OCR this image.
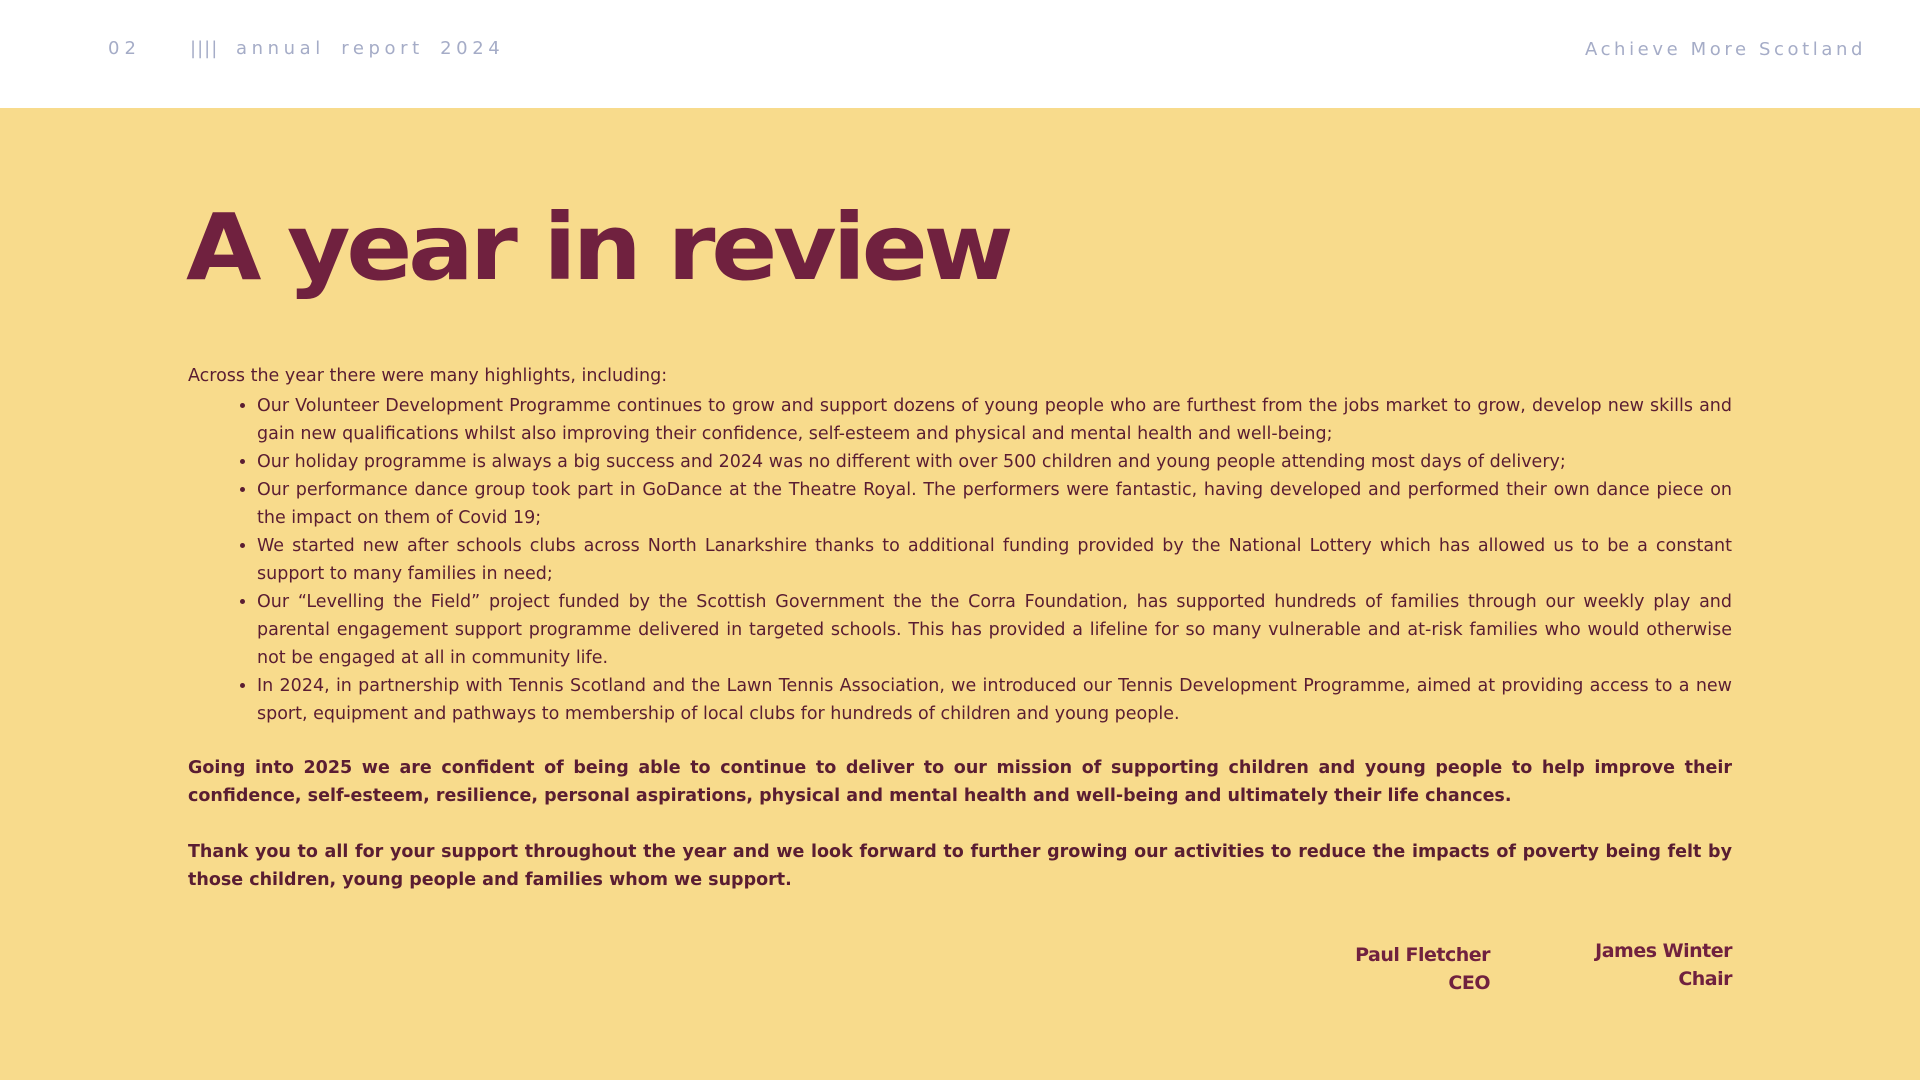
02	|||| annual report 2024	Achieve More Scotland
A year in review

Across the year there were many highlights, including:

• Our Volunteer Development Programme continues to grow and support dozens of young people who are furthest from the jobs market to grow, develop new skills and gain new qualifications whilst also improving their confidence, self-esteem and physical and mental health and well-being;
• Our holiday programme is always a big success and 2024 was no different with over 500 children and young people attending most days of delivery;
• Our performance dance group took part in GoDance at the Theatre Royal. The performers were fantastic, having developed and performed their own dance piece on the impact on them of Covid 19;
• We started new after schools clubs across North Lanarkshire thanks to additional funding provided by the National Lottery which has allowed us to be a constant support to many families in need;
• Our “Levelling the Field” project funded by the Scottish Government the the Corra Foundation, has supported hundreds of families through our weekly play and parental engagement support programme delivered in targeted schools. This has provided a lifeline for so many vulnerable and at-risk families who would otherwise not be engaged at all in community life.
• In 2024, in partnership with Tennis Scotland and the Lawn Tennis Association, we introduced our Tennis Development Programme, aimed at providing access to a new sport, equipment and pathways to membership of local clubs for hundreds of children and young people.

Going into 2025 we are confident of being able to continue to deliver to our mission of supporting children and young people to help improve their confidence, self-esteem, resilience, personal aspirations, physical and mental health and well-being and ultimately their life chances.

Thank you to all for your support throughout the year and we look forward to further growing our activities to reduce the impacts of poverty being felt by those children, young people and families whom we support.

Paul Fletcher
CEO
James Winter
Chair
